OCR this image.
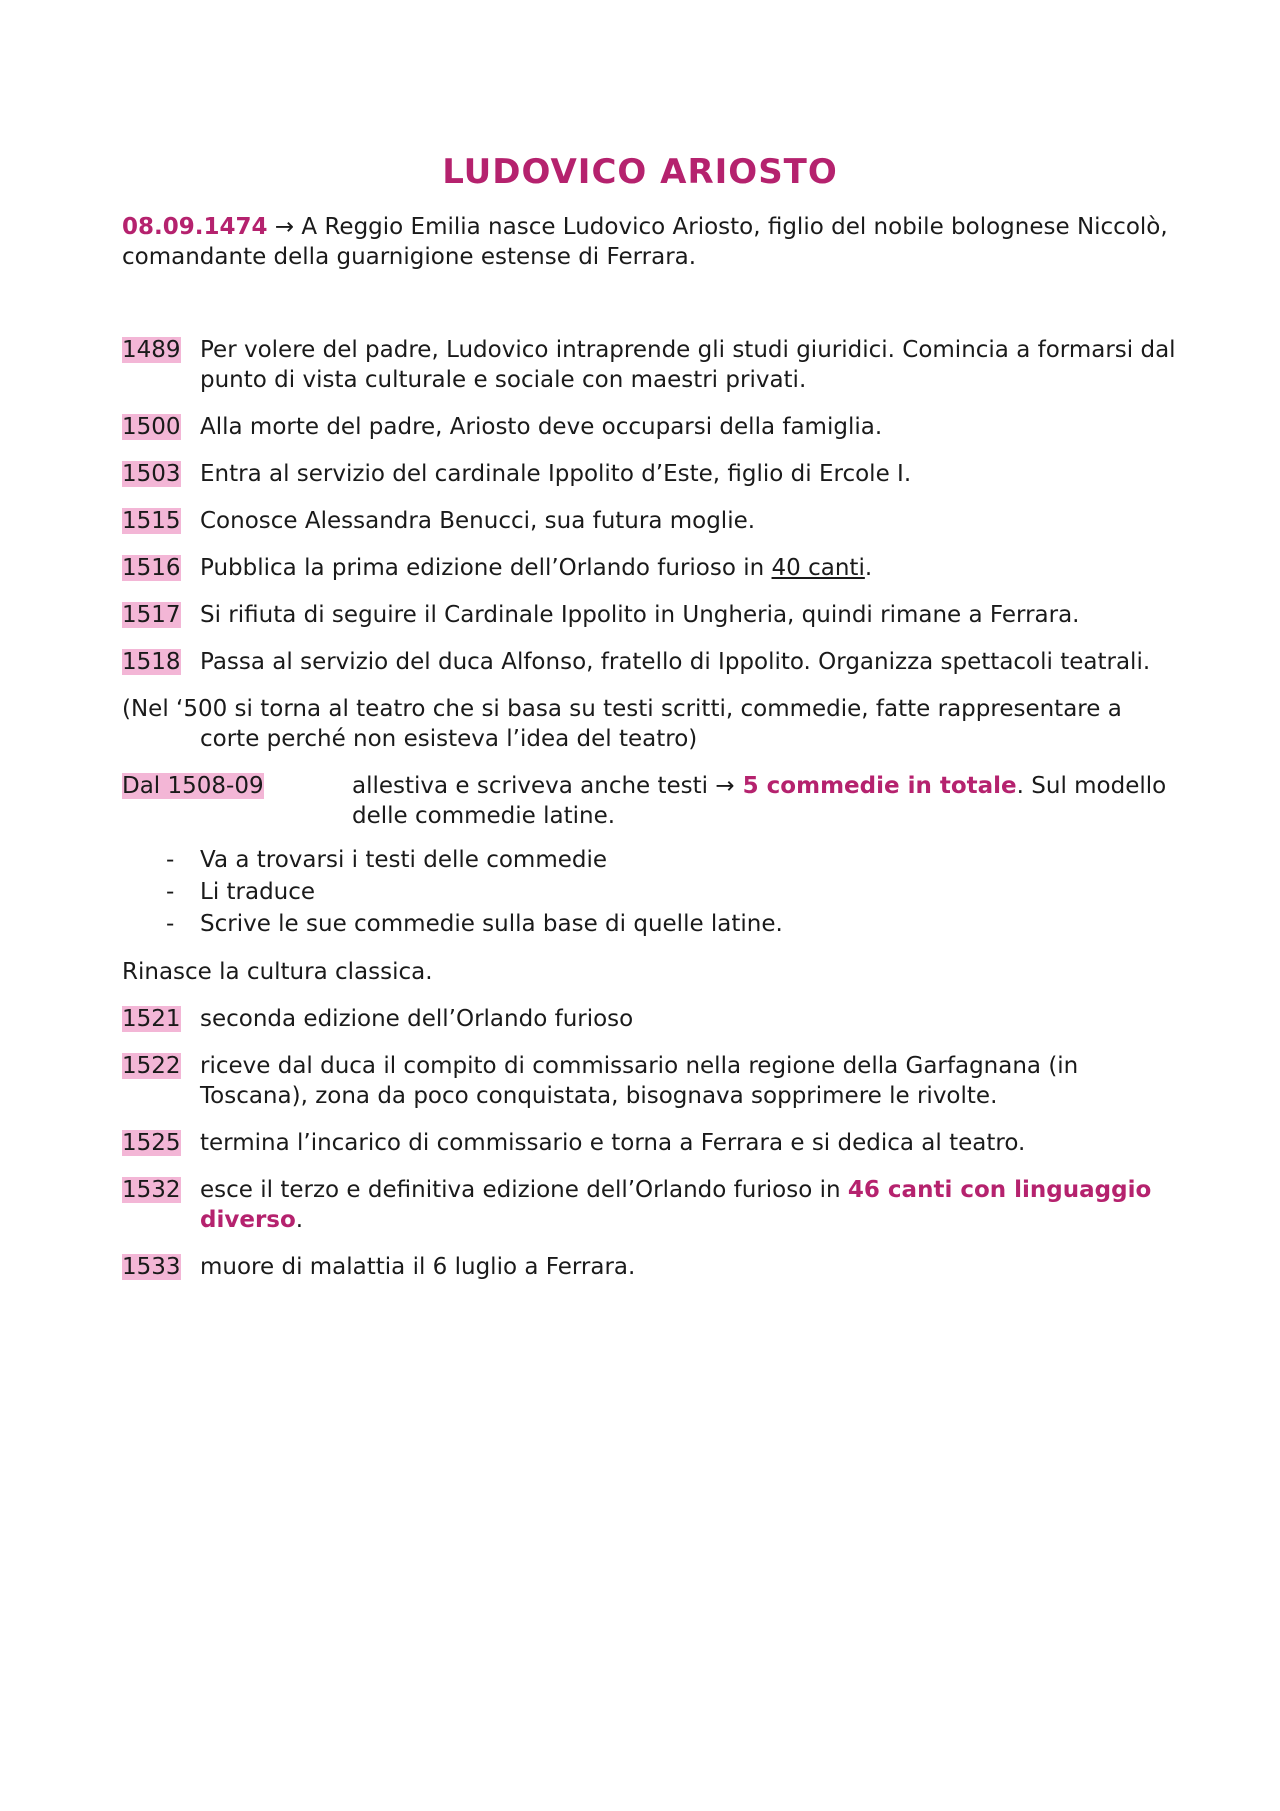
LUDOVICO ARIOSTO
08.09.1474 → A Reggio Emilia nasce Ludovico Ariosto, figlio del nobile bolognese Niccolò, comandante della guarnigione estense di Ferrara.
1489 Per volere del padre, Ludovico intraprende gli studi giuridici. Comincia a formarsi dal punto di vista culturale e sociale con maestri privati.
1500 Alla morte del padre, Ariosto deve occuparsi della famiglia.
1503 Entra al servizio del cardinale Ippolito d’Este, figlio di Ercole I.
1515 Conosce Alessandra Benucci, sua futura moglie.
1516 Pubblica la prima edizione dell’Orlando furioso in 40 canti.
1517 Si rifiuta di seguire il Cardinale Ippolito in Ungheria, quindi rimane a Ferrara.
1518 Passa al servizio del duca Alfonso, fratello di Ippolito. Organizza spettacoli teatrali.
(Nel ‘500 si torna al teatro che si basa su testi scritti, commedie, fatte rappresentare a corte perché non esisteva l’idea del teatro)
Dal 1508-09	allestiva e scriveva anche testi → 5 commedie in totale. Sul modello delle commedie latine.
-	Va a trovarsi i testi delle commedie
-	Li traduce
-	Scrive le sue commedie sulla base di quelle latine.
Rinasce la cultura classica.
1521 seconda edizione dell’Orlando furioso
1522 riceve dal duca il compito di commissario nella regione della Garfagnana (in Toscana), zona da poco conquistata, bisognava sopprimere le rivolte.
1525 termina l’incarico di commissario e torna a Ferrara e si dedica al teatro.
1532 esce il terzo e definitiva edizione dell’Orlando furioso in 46 canti con linguaggio diverso.
1533 muore di malattia il 6 luglio a Ferrara.
